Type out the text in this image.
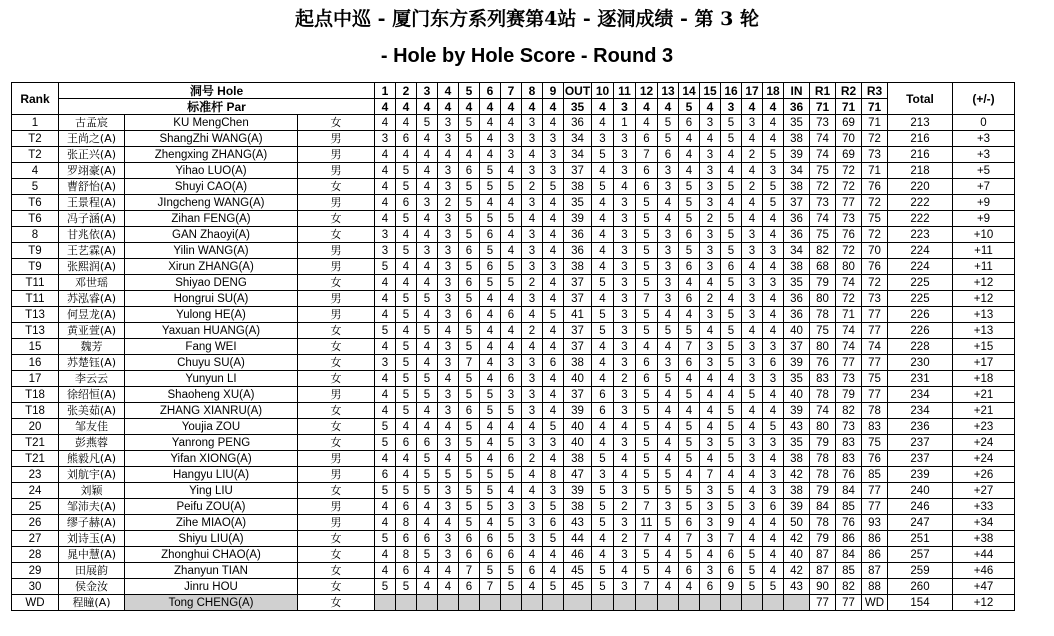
起点中巡 - 厦门东方系列赛第4站 - 逐洞成绩 - 第 3 轮
- Hole by Hole Score - Round 3
Rank	洞号 Hole			1	2	3	4	5	6	7	8	9	OUT	10	11	12	13	14	15	16	17	18	IN	R1	R2	R3	Total	(+/-)
	标准杆 Par			4	4	4	4	4	4	4	4	4	35	4	3	4	4	5	4	3	4	4	36	71	71	71		
1	古孟宸	KU MengChen	女	4	4	5	3	5	4	4	3	4	36	4	1	4	5	6	3	5	3	4	35	73	69	71	213	0
T2	王尚之(A)	ShangZhi WANG(A)	男	3	6	4	3	5	4	3	3	3	34	3	3	6	5	4	4	5	4	4	38	74	70	72	216	+3
T2	张正兴(A)	Zhengxing ZHANG(A)	男	4	4	4	4	4	4	3	4	3	34	5	3	7	6	4	3	4	2	5	39	74	69	73	216	+3
4	罗翊豪(A)	Yihao LUO(A)	男	4	5	4	3	6	5	4	3	3	37	4	3	6	3	4	3	4	4	3	34	75	72	71	218	+5
5	曹舒怡(A)	Shuyi CAO(A)	女	4	5	4	3	5	5	5	2	5	38	5	4	6	3	5	3	5	2	5	38	72	72	76	220	+7
T6	王景程(A)	JIngcheng WANG(A)	男	4	6	3	2	5	4	4	3	4	35	4	3	5	4	5	3	4	4	5	37	73	77	72	222	+9
T6	冯子涵(A)	Zihan FENG(A)	女	4	5	4	3	5	5	5	4	4	39	4	3	5	4	5	2	5	4	4	36	74	73	75	222	+9
8	甘兆依(A)	GAN Zhaoyi(A)	女	3	4	4	3	5	6	4	3	4	36	4	3	5	3	6	3	5	3	4	36	75	76	72	223	+10
T9	王艺霖(A)	Yilin WANG(A)	男	3	5	3	3	6	5	4	3	4	36	4	3	5	3	5	3	5	3	3	34	82	72	70	224	+11
T9	张熙润(A)	Xirun ZHANG(A)	男	5	4	4	3	5	6	5	3	3	38	4	3	5	3	6	3	6	4	4	38	68	80	76	224	+11
T11	邓世瑶	Shiyao DENG	女	4	4	4	3	6	5	5	2	4	37	5	3	5	3	4	4	5	3	3	35	79	74	72	225	+12
T11	苏泓睿(A)	Hongrui SU(A)	男	4	5	5	3	5	4	4	3	4	37	4	3	7	3	6	2	4	3	4	36	80	72	73	225	+12
T13	何昱龙(A)	Yulong HE(A)	男	4	5	4	3	6	4	6	4	5	41	5	3	5	4	4	3	5	3	4	36	78	71	77	226	+13
T13	黄亚萱(A)	Yaxuan HUANG(A)	女	5	4	5	4	5	4	4	2	4	37	5	3	5	5	5	4	5	4	4	40	75	74	77	226	+13
15	魏芳	Fang WEI	女	4	5	4	3	5	4	4	4	4	37	4	3	4	4	7	3	5	3	3	37	80	74	74	228	+15
16	苏楚钰(A)	Chuyu SU(A)	女	3	5	4	3	7	4	3	3	6	38	4	3	6	3	6	3	5	3	6	39	76	77	77	230	+17
17	李云云	Yunyun LI	女	4	5	5	4	5	4	6	3	4	40	4	2	6	5	4	4	4	3	3	35	83	73	75	231	+18
T18	徐绍恒(A)	Shaoheng XU(A)	男	4	5	5	3	5	5	3	3	4	37	6	3	5	4	5	4	4	5	4	40	78	79	77	234	+21
T18	张美茹(A)	ZHANG XIANRU(A)	女	4	5	4	3	6	5	5	3	4	39	6	3	5	4	4	4	5	4	4	39	74	82	78	234	+21
20	邹友佳	Youjia ZOU	女	5	4	4	4	5	4	4	4	5	40	4	4	5	4	5	4	5	4	5	43	80	73	83	236	+23
T21	彭燕蓉	Yanrong PENG	女	5	6	6	3	5	4	5	3	3	40	4	3	5	4	5	3	5	3	3	35	79	83	75	237	+24
T21	熊毅凡(A)	Yifan XIONG(A)	男	4	4	5	4	5	4	6	2	4	38	5	4	5	4	5	4	5	3	4	38	78	83	76	237	+24
23	刘航宇(A)	Hangyu LIU(A)	男	6	4	5	5	5	5	5	4	8	47	3	4	5	5	4	7	4	4	3	42	78	76	85	239	+26
24	刘颖	Ying LIU	女	5	5	5	3	5	5	4	4	3	39	5	3	5	5	5	3	5	4	3	38	79	84	77	240	+27
25	邹沛夫(A)	Peifu ZOU(A)	男	4	6	4	3	5	5	3	3	5	38	5	2	7	3	5	3	5	3	6	39	84	85	77	246	+33
26	缪子赫(A)	Zihe MIAO(A)	男	4	8	4	4	5	4	5	3	6	43	5	3	11	5	6	3	9	4	4	50	78	76	93	247	+34
27	刘诗玉(A)	Shiyu LIU(A)	女	5	6	6	3	6	6	5	3	5	44	4	2	7	4	7	3	7	4	4	42	79	86	86	251	+38
28	晁中慧(A)	Zhonghui CHAO(A)	女	4	8	5	3	6	6	6	4	4	46	4	3	5	4	5	4	6	5	4	40	87	84	86	257	+44
29	田展韵	Zhanyun TIAN	女	4	6	4	4	7	5	5	6	4	45	5	4	5	4	6	3	6	5	4	42	87	85	87	259	+46
30	侯金汝	Jinru HOU	女	5	5	4	4	6	7	5	4	5	45	5	3	7	4	4	6	9	5	5	43	90	82	88	260	+47
WD	程瞳(A)	Tong CHENG(A)	女																					77	77	WD	154	+12
